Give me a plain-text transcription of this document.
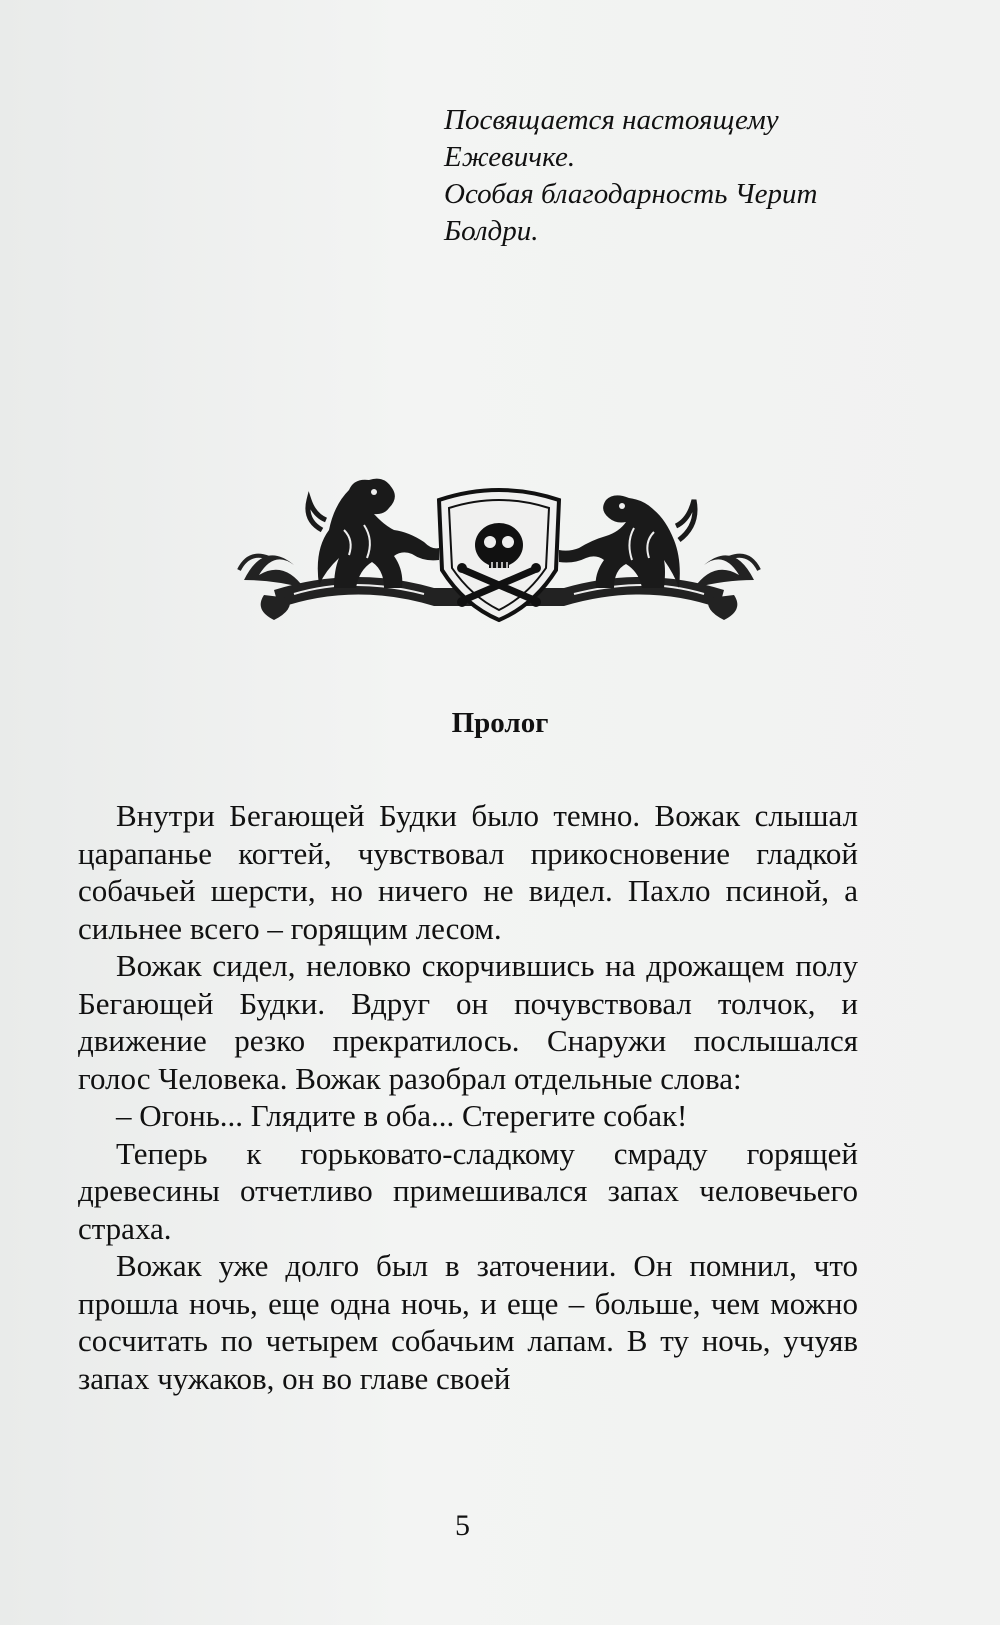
Посвящается настоящему Ежевичке.

Особая благодарность Черит Болдри.

Пролог

Внутри Бегающей Будки было темно. Вожак слышал царапанье когтей, чувствовал прикосновение гладкой собачьей шерсти, но ничего не видел. Пахло псиной, а сильнее всего – горящим лесом.

Вожак сидел, неловко скорчившись на дрожащем полу Бегающей Будки. Вдруг он почувствовал толчок, и движение резко прекратилось. Снаружи послышался голос Человека. Вожак разобрал отдельные слова:

– Огонь... Глядите в оба... Стерегите собак!

Теперь к горьковато-сладкому смраду горящей древесины отчетливо примешивался запах человечьего страха.

Вожак уже долго был в заточении. Он помнил, что прошла ночь, еще одна ночь, и еще – больше, чем можно сосчитать по четырем собачьим лапам. В ту ночь, учуяв запах чужаков, он во главе своей

5
